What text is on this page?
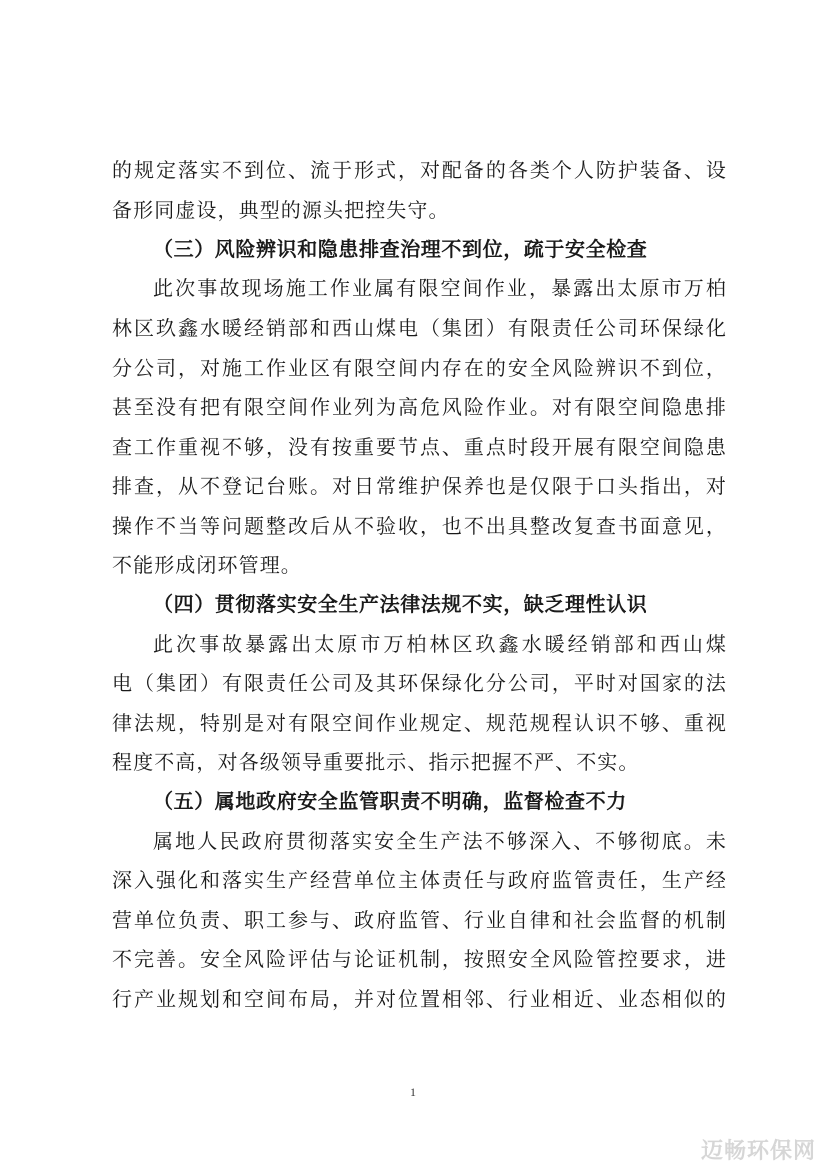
的规定落实不到位、流于形式，对配备的各类个人防护装备、设
备形同虚设，典型的源头把控失守。
（三）风险辨识和隐患排查治理不到位，疏于安全检查
此次事故现场施工作业属有限空间作业，暴露出太原市万柏
林区玖鑫水暖经销部和西山煤电（集团）有限责任公司环保绿化
分公司，对施工作业区有限空间内存在的安全风险辨识不到位，
甚至没有把有限空间作业列为高危风险作业。对有限空间隐患排
查工作重视不够，没有按重要节点、重点时段开展有限空间隐患
排查，从不登记台账。对日常维护保养也是仅限于口头指出，对
操作不当等问题整改后从不验收，也不出具整改复查书面意见，
不能形成闭环管理。
（四）贯彻落实安全生产法律法规不实，缺乏理性认识
此次事故暴露出太原市万柏林区玖鑫水暖经销部和西山煤
电（集团）有限责任公司及其环保绿化分公司，平时对国家的法
律法规，特别是对有限空间作业规定、规范规程认识不够、重视
程度不高，对各级领导重要批示、指示把握不严、不实。
（五）属地政府安全监管职责不明确，监督检查不力
属地人民政府贯彻落实安全生产法不够深入、不够彻底。未
深入强化和落实生产经营单位主体责任与政府监管责任，生产经
营单位负责、职工参与、政府监管、行业自律和社会监督的机制
不完善。安全风险评估与论证机制，按照安全风险管控要求，进
行产业规划和空间布局，并对位置相邻、行业相近、业态相似的
1
迈畅环保网
